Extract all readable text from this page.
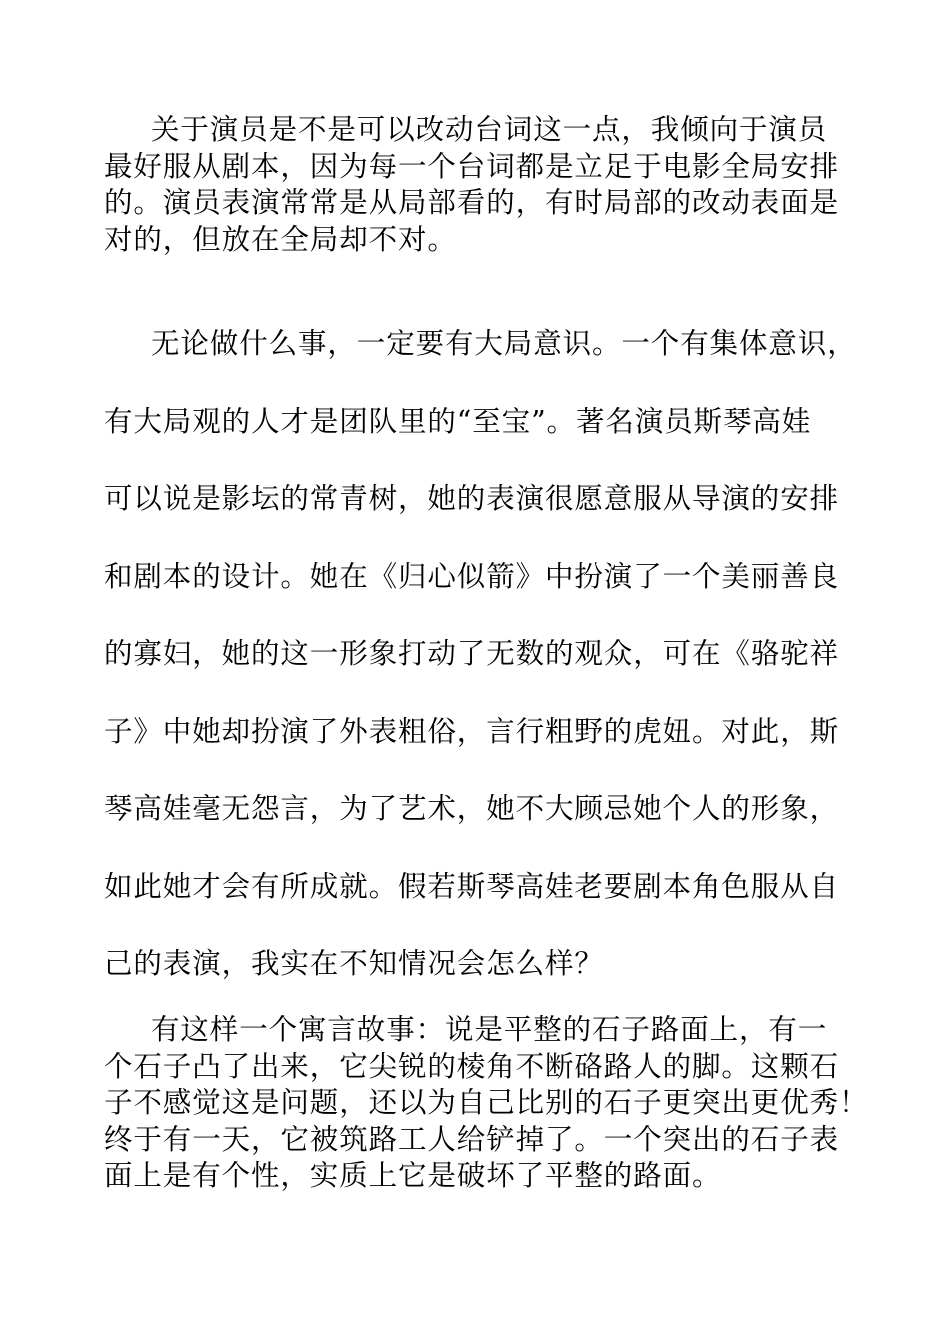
关于演员是不是可以改动台词这一点，我倾向于演员
最好服从剧本，因为每一个台词都是立足于电影全局安排
的。演员表演常常是从局部看的，有时局部的改动表面是
对的，但放在全局却不对。
无论做什么事，一定要有大局意识。一个有集体意识，
有大局观的人才是团队里的“至宝”。著名演员斯琴高娃
可以说是影坛的常青树，她的表演很愿意服从导演的安排
和剧本的设计。她在《归心似箭》中扮演了一个美丽善良
的寡妇，她的这一形象打动了无数的观众，可在《骆驼祥
子》中她却扮演了外表粗俗，言行粗野的虎妞。对此，斯
琴高娃毫无怨言，为了艺术，她不大顾忌她个人的形象，
如此她才会有所成就。假若斯琴高娃老要剧本角色服从自
己的表演，我实在不知情况会怎么样？
有这样一个寓言故事：说是平整的石子路面上，有一
个石子凸了出来，它尖锐的棱角不断硌路人的脚。这颗石
子不感觉这是问题，还以为自己比别的石子更突出更优秀！
终于有一天，它被筑路工人给铲掉了。一个突出的石子表
面上是有个性，实质上它是破坏了平整的路面。
